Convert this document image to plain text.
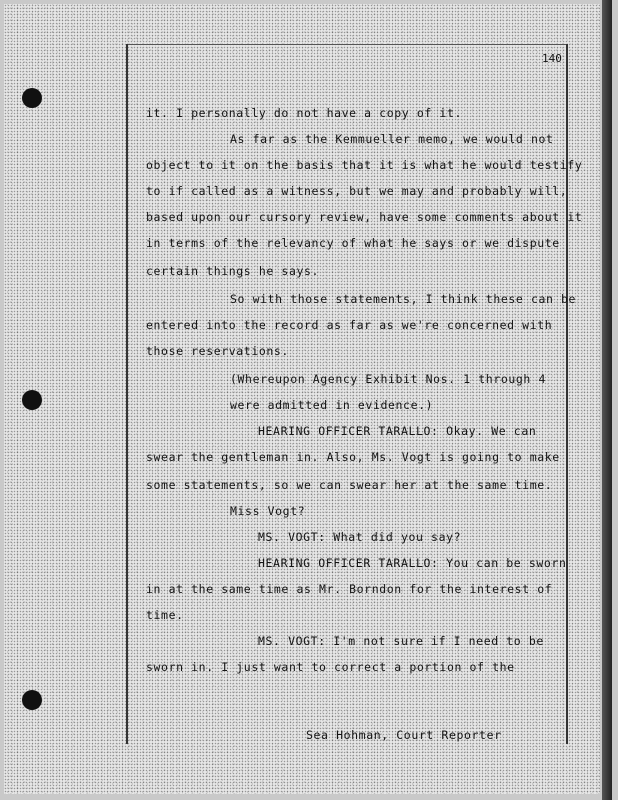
140
it. I personally do not have a copy of it.
As far as the Kemmueller memo, we would not
object to it on the basis that it is what he would testify
to if called as a witness, but we may and probably will,
based upon our cursory review, have some comments about it
in terms of the relevancy of what he says or we dispute
certain things he says.
So with those statements, I think these can be
entered into the record as far as we're concerned with
those reservations.
(Whereupon Agency Exhibit Nos. 1 through 4
were admitted in evidence.)
HEARING OFFICER TARALLO: Okay. We can
swear the gentleman in. Also, Ms. Vogt is going to make
some statements, so we can swear her at the same time.
Miss Vogt?
MS. VOGT: What did you say?
HEARING OFFICER TARALLO: You can be sworn
in at the same time as Mr. Borndon for the interest of
time.
MS. VOGT: I'm not sure if I need to be
sworn in. I just want to correct a portion of the
Sea Hohman, Court Reporter
